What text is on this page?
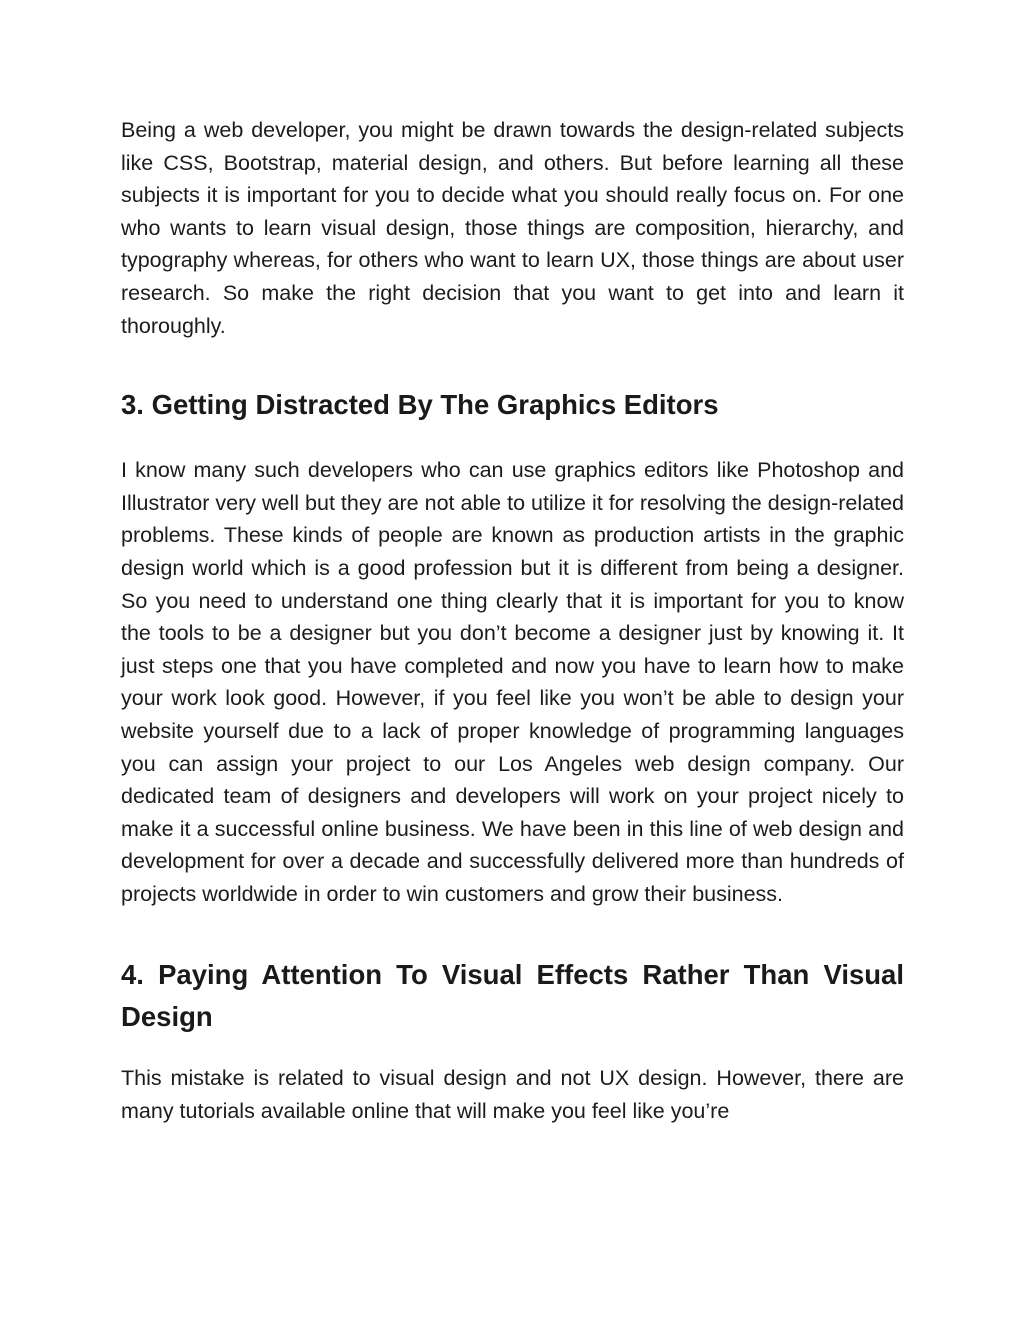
Being a web developer, you might be drawn towards the design-related subjects like CSS, Bootstrap, material design, and others. But before learning all these subjects it is important for you to decide what you should really focus on. For one who wants to learn visual design, those things are composition, hierarchy, and typography whereas, for others who want to learn UX, those things are about user research. So make the right decision that you want to get into and learn it thoroughly.

3. Getting Distracted By The Graphics Editors

I know many such developers who can use graphics editors like Photoshop and Illustrator very well but they are not able to utilize it for resolving the design-related problems. These kinds of people are known as production artists in the graphic design world which is a good profession but it is different from being a designer. So you need to understand one thing clearly that it is important for you to know the tools to be a designer but you don’t become a designer just by knowing it. It just steps one that you have completed and now you have to learn how to make your work look good. However, if you feel like you won’t be able to design your website yourself due to a lack of proper knowledge of programming languages you can assign your project to our Los Angeles web design company. Our dedicated team of designers and developers will work on your project nicely to make it a successful online business. We have been in this line of web design and development for over a decade and successfully delivered more than hundreds of projects worldwide in order to win customers and grow their business.

4. Paying Attention To Visual Effects Rather Than Visual Design

This mistake is related to visual design and not UX design. However, there are many tutorials available online that will make you feel like you’re
